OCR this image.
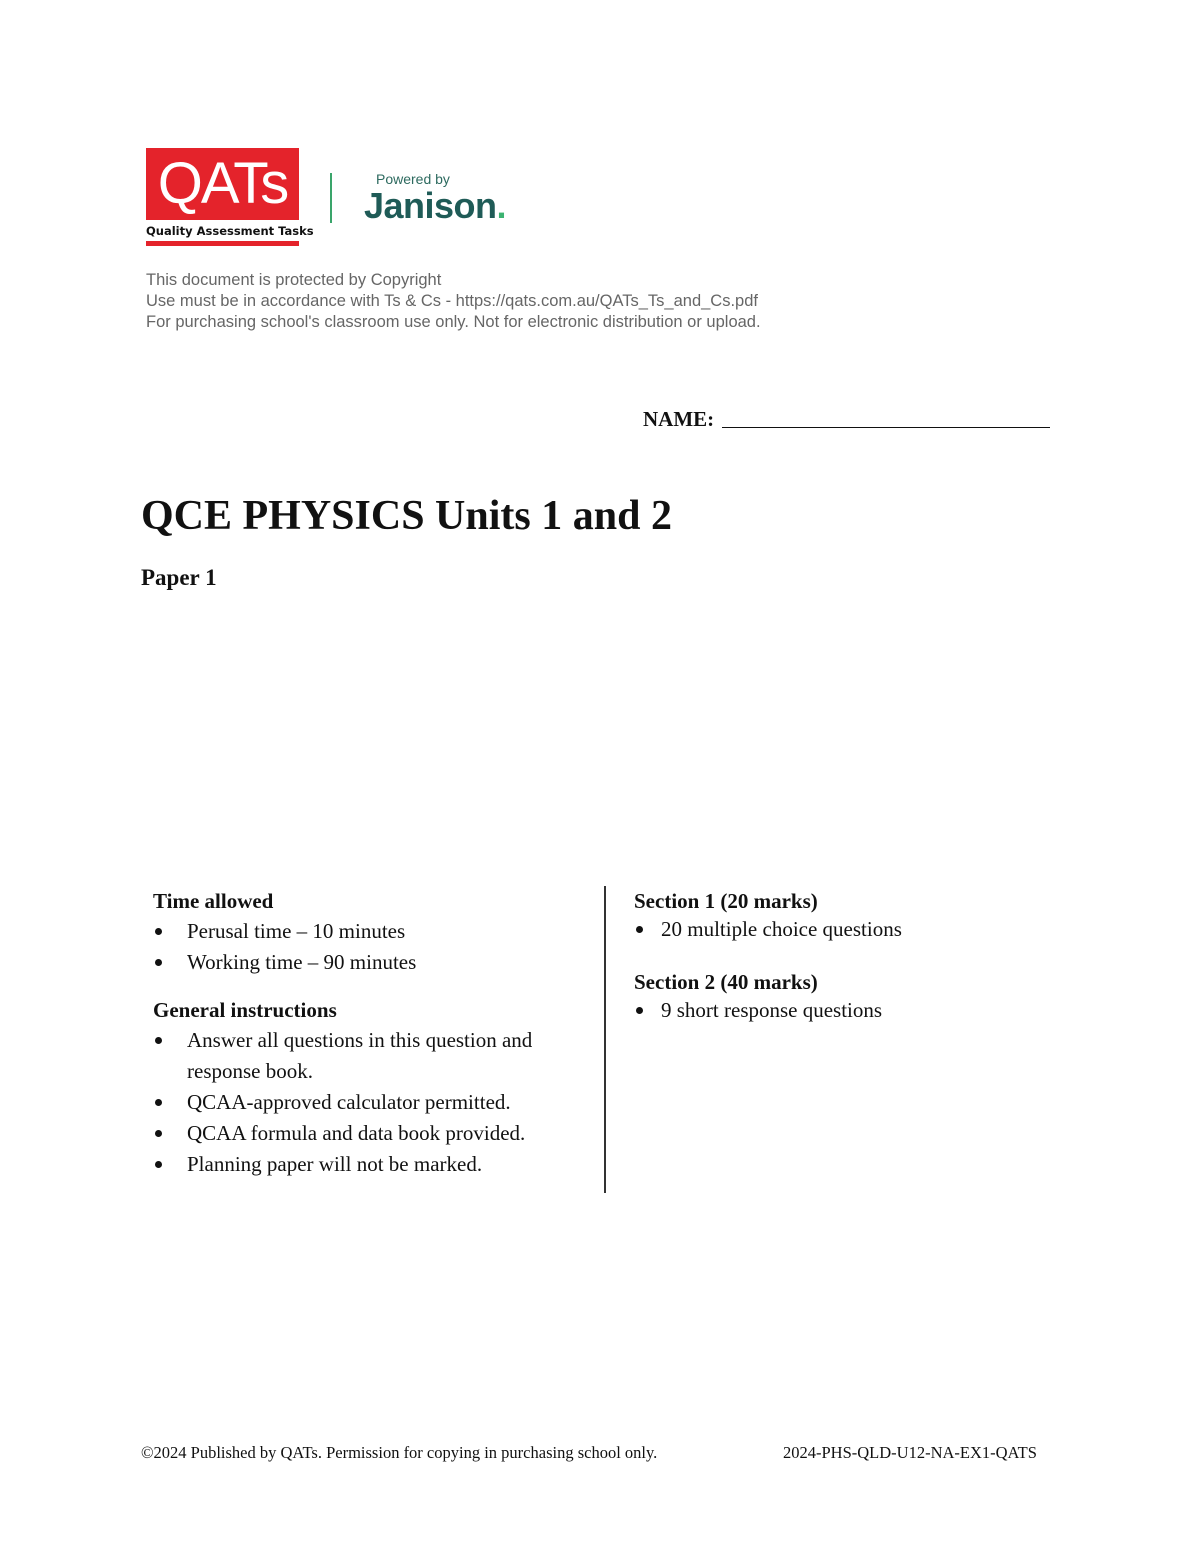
QATs
Quality Assessment Tasks
Powered by
Janison.
This document is protected by Copyright
Use must be in accordance with Ts & Cs - https://qats.com.au/QATs_Ts_and_Cs.pdf
For purchasing school's classroom use only. Not for electronic distribution or upload.
NAME:
QCE PHYSICS Units 1 and 2
Paper 1

Time allowed

Perusal time – 10 minutes
Working time – 90 minutes

General instructions

Answer all questions in this question and response book.
QCAA-approved calculator permitted.
QCAA formula and data book provided.
Planning paper will not be marked.

Section 1 (20 marks)

20 multiple choice questions

Section 2 (40 marks)

9 short response questions
©2024 Published by QATs. Permission for copying in purchasing school only.	2024-PHS-QLD-U12-NA-EX1-QATS
